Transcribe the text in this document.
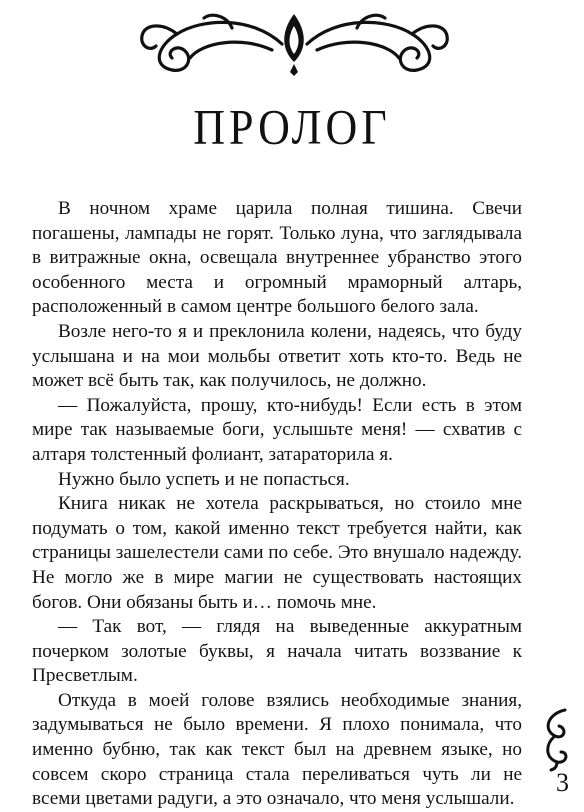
ПРОЛОГ

В ночном храме царила полная тишина. Свечи погашены, лампады не горят. Только луна, что заглядывала в витражные окна, освещала внутреннее убранство этого особенного места и огромный мраморный алтарь, расположенный в самом центре большого белого зала.

Возле него-то я и преклонила колени, надеясь, что буду услышана и на мои мольбы ответит хоть кто-то. Ведь не может всё быть так, как получилось, не должно.

— Пожалуйста, прошу, кто-нибудь! Если есть в этом мире так называемые боги, услышьте меня! — схватив с алтаря толстенный фолиант, затараторила я.

Нужно было успеть и не попасться.

Книга никак не хотела раскрываться, но стоило мне подумать о том, какой именно текст требуется найти, как страницы зашелестели сами по себе. Это внушало надежду. Не могло же в мире магии не существовать настоящих богов. Они обязаны быть и… помочь мне.

— Так вот, — глядя на выведенные аккуратным почерком золотые буквы, я начала читать воззвание к Пресветлым.

Откуда в моей голове взялись необходимые знания, задумываться не было времени. Я плохо понимала, что именно бубню, так как текст был на древнем языке, но совсем скоро страница стала переливаться чуть ли не всеми цветами радуги, а это означало, что меня услышали.

3
